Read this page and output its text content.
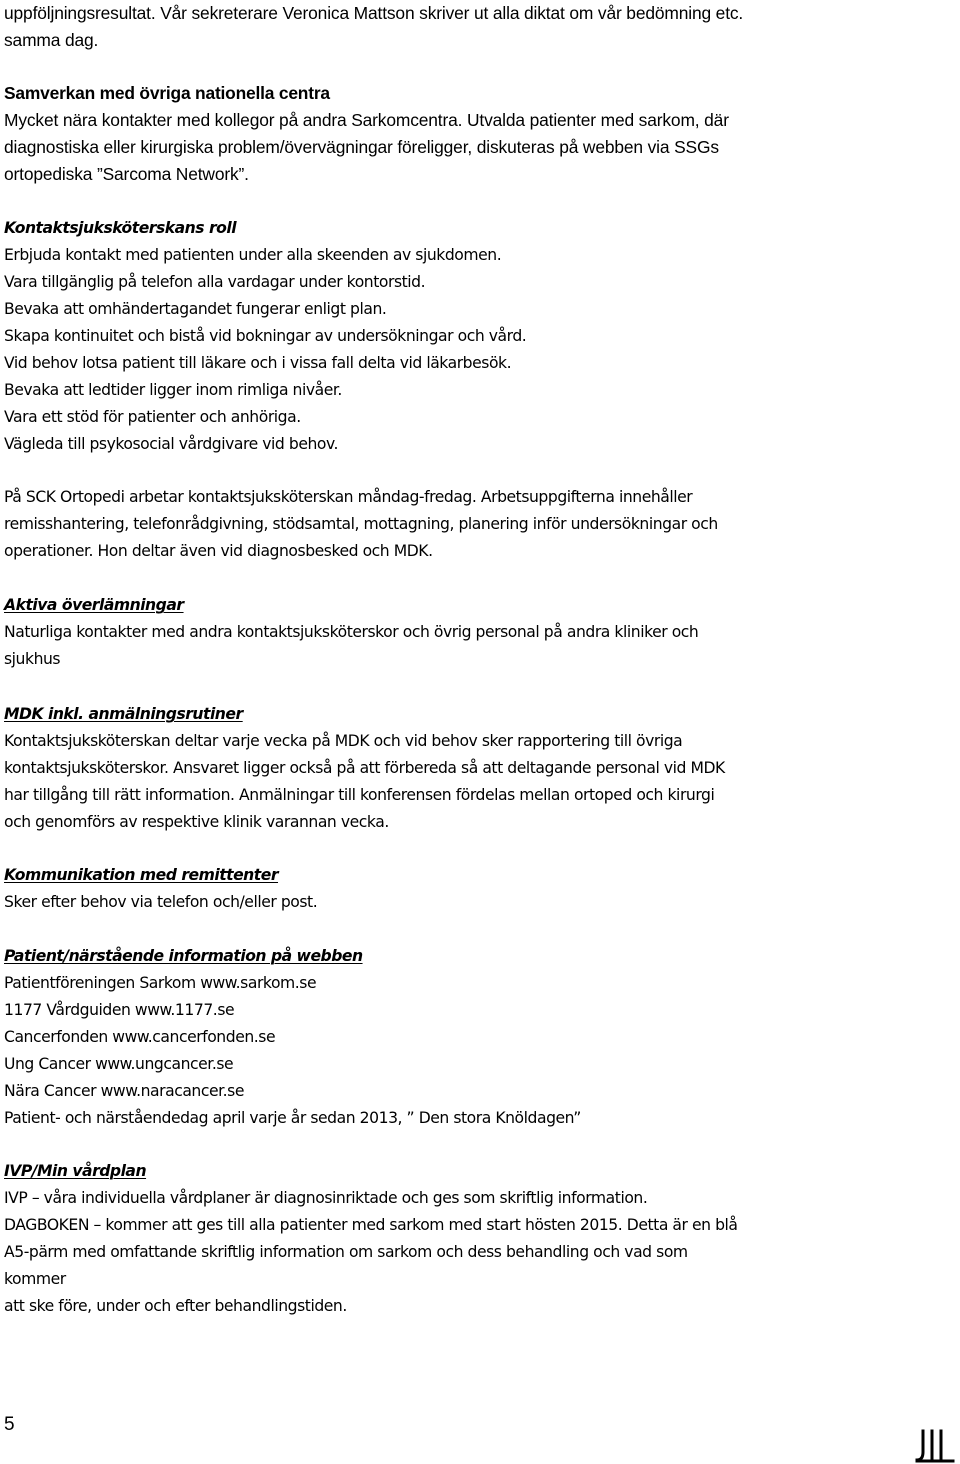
uppföljningsresultat. Vår sekreterare Veronica Mattson skriver ut alla diktat om vår bedömning etc.
samma dag.
Samverkan med övriga nationella centra
Mycket nära kontakter med kollegor på andra Sarkomcentra. Utvalda patienter med sarkom, där
diagnostiska eller kirurgiska problem/övervägningar föreligger, diskuteras på webben via SSGs
ortopediska ”Sarcoma Network”.
Kontaktsjuksköterskans roll
Erbjuda kontakt med patienten under alla skeenden av sjukdomen.
Vara tillgänglig på telefon alla vardagar under kontorstid.
Bevaka att omhändertagandet fungerar enligt plan.
Skapa kontinuitet och bistå vid bokningar av undersökningar och vård.
Vid behov lotsa patient till läkare och i vissa fall delta vid läkarbesök.
Bevaka att ledtider ligger inom rimliga nivåer.
Vara ett stöd för patienter och anhöriga.
Vägleda till psykosocial vårdgivare vid behov.
På SCK Ortopedi arbetar kontaktsjuksköterskan måndag-fredag. Arbetsuppgifterna innehåller
remisshantering, telefonrådgivning, stödsamtal, mottagning, planering inför undersökningar och
operationer. Hon deltar även vid diagnosbesked och MDK.
Aktiva överlämningar
Naturliga kontakter med andra kontaktsjuksköterskor och övrig personal på andra kliniker och
sjukhus
MDK inkl. anmälningsrutiner
Kontaktsjuksköterskan deltar varje vecka på MDK och vid behov sker rapportering till övriga
kontaktsjuksköterskor. Ansvaret ligger också på att förbereda så att deltagande personal vid MDK
har tillgång till rätt information. Anmälningar till konferensen fördelas mellan ortoped och kirurgi
och genomförs av respektive klinik varannan vecka.
Kommunikation med remittenter
Sker efter behov via telefon och/eller post.
Patient/närstående information på webben
Patientföreningen Sarkom www.sarkom.se
1177 Vårdguiden www.1177.se
Cancerfonden www.cancerfonden.se
Ung Cancer www.ungcancer.se
Nära Cancer www.naracancer.se
Patient- och närståendedag april varje år sedan 2013, ” Den stora Knöldagen”
IVP/Min vårdplan
IVP – våra individuella vårdplaner är diagnosinriktade och ges som skriftlig information.
DAGBOKEN – kommer att ges till alla patienter med sarkom med start hösten 2015. Detta är en blå
A5-pärm med omfattande skriftlig information om sarkom och dess behandling och vad som
kommer
att ske före, under och efter behandlingstiden.
5
